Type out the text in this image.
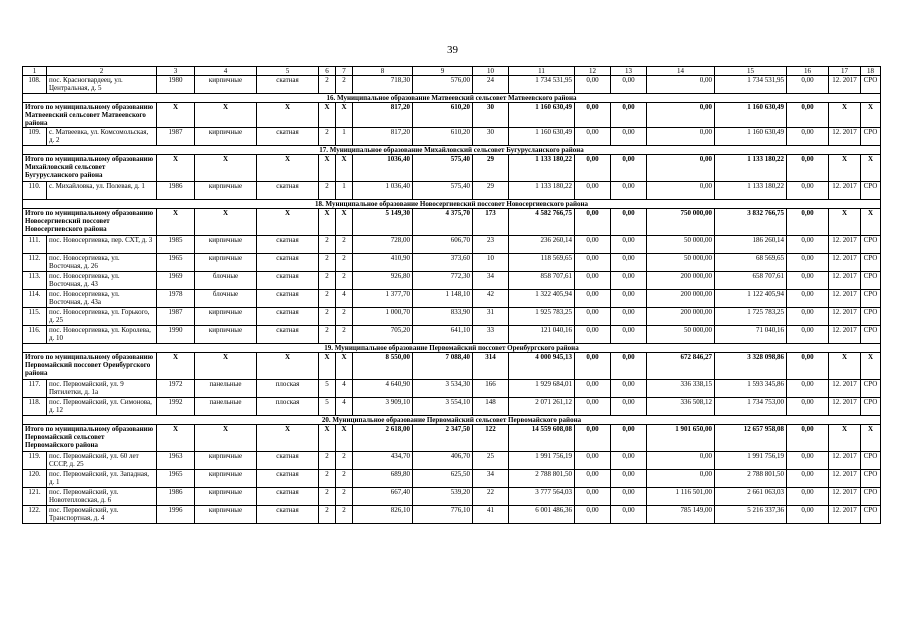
39
1	2	3	4	5	6	7	8	9	10	11	12	13	14	15	16	17	18
108.	пос. Красногвардеец, ул. Центральная, д. 5	1980	кирпичные	скатная	2	2	718,30	576,00	24	1 734 531,95	0,00	0,00	0,00	1 734 531,95	0,00	12. 2017	СРО
16. Муниципальное образование Матвеевский сельсовет Матвеевского района																	
Итого по муниципальному образованию Матвеевский сельсовет Матвеевского района		X	X	X	X	X	817,20	610,20	30	1 160 630,49	0,00	0,00	0,00	1 160 630,49	0,00	X	X
109.	с. Матвеевка, ул. Комсомольская, д. 2	1987	кирпичные	скатная	2	1	817,20	610,20	30	1 160 630,49	0,00	0,00	0,00	1 160 630,49	0,00	12. 2017	СРО
17. Муниципальное образование Михайловский сельсовет Бугурусланского района																	
Итого по муниципальному образованию Михайловский сельсовет Бугурусланского района		X	X	X	X	X	1036,40	575,40	29	1 133 180,22	0,00	0,00	0,00	1 133 180,22	0,00	X	X
110.	с. Михайловка, ул. Полевая, д. 1	1986	кирпичные	скатная	2	1	1 036,40	575,40	29	1 133 180,22	0,00	0,00	0,00	1 133 180,22	0,00	12. 2017	СРО
18. Муниципальное образование Новосергиевский поссовет Новосергиевского района																	
Итого по муниципальному образованию Новосергиевский поссовет Новосергиевского района		X	X	X	X	X	5 149,30	4 375,70	173	4 582 766,75	0,00	0,00	750 000,00	3 832 766,75	0,00	X	X
111.	пос. Новосергиевка, пер. СХТ, д. 3	1985	кирпичные	скатная	2	2	728,00	606,70	23	236 260,14	0,00	0,00	50 000,00	186 260,14	0,00	12. 2017	СРО
112.	пос. Новосергиевка, ул. Восточная, д. 26	1965	кирпичные	скатная	2	2	410,90	373,60	10	118 569,65	0,00	0,00	50 000,00	68 569,65	0,00	12. 2017	СРО
113.	пос. Новосергиевка, ул. Восточная, д. 43	1969	блочные	скатная	2	2	926,80	772,30	34	858 707,61	0,00	0,00	200 000,00	658 707,61	0,00	12. 2017	СРО
114.	пос. Новосергиевка, ул. Восточная, д. 43а	1978	блочные	скатная	2	4	1 377,70	1 148,10	42	1 322 405,94	0,00	0,00	200 000,00	1 122 405,94	0,00	12. 2017	СРО
115.	пос. Новосергиевка, ул. Горького, д. 25	1987	кирпичные	скатная	2	2	1 000,70	833,90	31	1 925 783,25	0,00	0,00	200 000,00	1 725 783,25	0,00	12. 2017	СРО
116.	пос. Новосергиевка, ул. Королева, д. 10	1990	кирпичные	скатная	2	2	705,20	641,10	33	121 040,16	0,00	0,00	50 000,00	71 040,16	0,00	12. 2017	СРО
19. Муниципальное образование Первомайский поссовет Оренбургского района																	
Итого по муниципальному образованию Первомайский поссовет Оренбургского района		X	X	X	X	X	8 550,00	7 088,40	314	4 000 945,13	0,00	0,00	672 846,27	3 328 098,86	0,00	X	X
117.	пос. Первомайский, ул. 9 Пятилетки, д. 1а	1972	панельные	плоская	5	4	4 640,90	3 534,30	166	1 929 684,01	0,00	0,00	336 338,15	1 593 345,86	0,00	12. 2017	СРО
118.	пос. Первомайский, ул. Симонова, д. 12	1992	панельные	плоская	5	4	3 909,10	3 554,10	148	2 071 261,12	0,00	0,00	336 508,12	1 734 753,00	0,00	12. 2017	СРО
20. Муниципальное образование Первомайский сельсовет Первомайского района																	
Итого по муниципальному образованию Первомайский сельсовет Первомайского района		X	X	X	X	X	2 618,00	2 347,50	122	14 559 608,08	0,00	0,00	1 901 650,00	12 657 958,08	0,00	X	X
119.	пос. Первомайский, ул. 60 лет СССР, д. 25	1963	кирпичные	скатная	2	2	434,70	406,70	25	1 991 756,19	0,00	0,00	0,00	1 991 756,19	0,00	12. 2017	СРО
120.	пос. Первомайский, ул. Западная, д. 1	1965	кирпичные	скатная	2	2	689,80	625,50	34	2 788 801,50	0,00	0,00	0,00	2 788 801,50	0,00	12. 2017	СРО
121.	пос. Первомайский, ул. Новотепловская, д. 6	1986	кирпичные	скатная	2	2	667,40	539,20	22	3 777 564,03	0,00	0,00	1 116 501,00	2 661 063,03	0,00	12. 2017	СРО
122.	пос. Первомайский, ул. Транспортная, д. 4	1996	кирпичные	скатная	2	2	826,10	776,10	41	6 001 486,36	0,00	0,00	785 149,00	5 216 337,36	0,00	12. 2017	СРО
